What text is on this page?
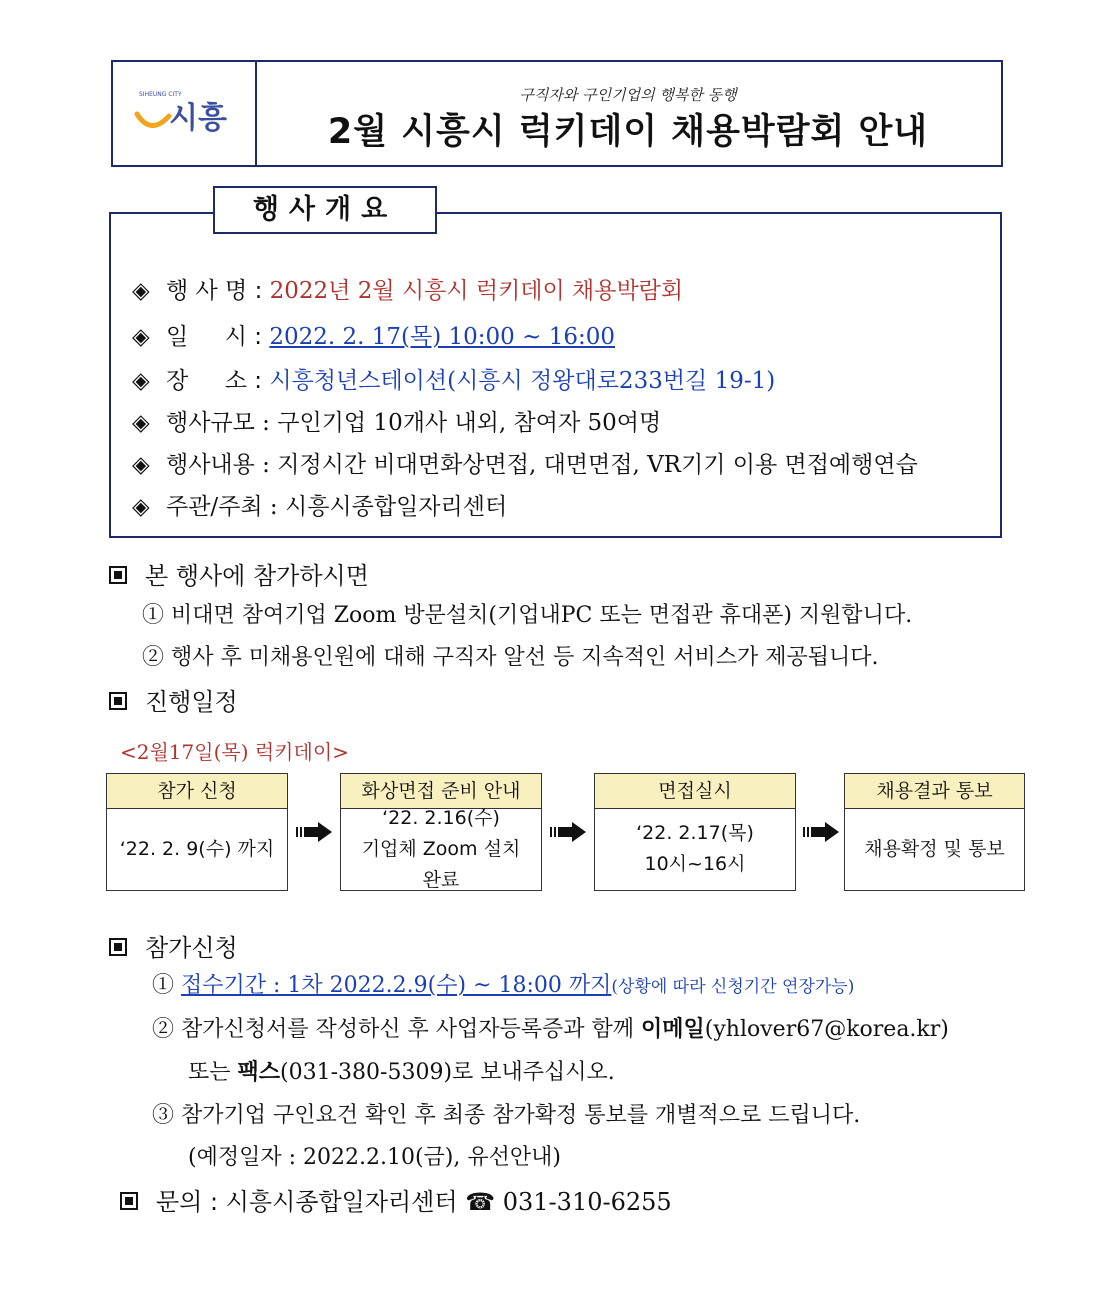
SIHEUNG CITY
시흥
구직자와 구인기업의 행복한 동행
2월 시흥시 럭키데이 채용박람회 안내
행사개요
◈ 행 사 명 : 2022년 2월 시흥시 럭키데이 채용박람회
◈ 일     시 : 2022. 2. 17(목) 10:00 ~ 16:00
◈ 장     소 : 시흥청년스테이션(시흥시 정왕대로233번길 19-1)
◈ 행사규모 : 구인기업 10개사 내외, 참여자 50여명
◈ 행사내용 : 지정시간 비대면화상면접, 대면면접, VR기기 이용 면접예행연습
◈ 주관/주최 : 시흥시종합일자리센터
본 행사에 참가하시면
① 비대면 참여기업 Zoom 방문설치(기업내PC 또는 면접관 휴대폰) 지원합니다.
② 행사 후 미채용인원에 대해 구직자 알선 등 지속적인 서비스가 제공됩니다.
진행일정
<2월17일(목) 럭키데이>
참가 신청
‘22. 2. 9(수) 까지
화상면접 준비 안내
‘22. 2.16(수)
기업체 Zoom 설치
완료
면접실시
‘22. 2.17(목)
10시~16시
채용결과 통보
채용확정 및 통보
참가신청
① 접수기간 : 1차 2022.2.9(수) ~ 18:00 까지(상황에 따라 신청기간 연장가능)
② 참가신청서를 작성하신 후 사업자등록증과 함께 이메일(yhlover67@korea.kr)
또는 팩스(031-380-5309)로 보내주십시오.
③ 참가기업 구인요건 확인 후 최종 참가확정 통보를 개별적으로 드립니다.
(예정일자 : 2022.2.10(금), 유선안내)
문의 : 시흥시종합일자리센터 ☎ 031-310-6255
